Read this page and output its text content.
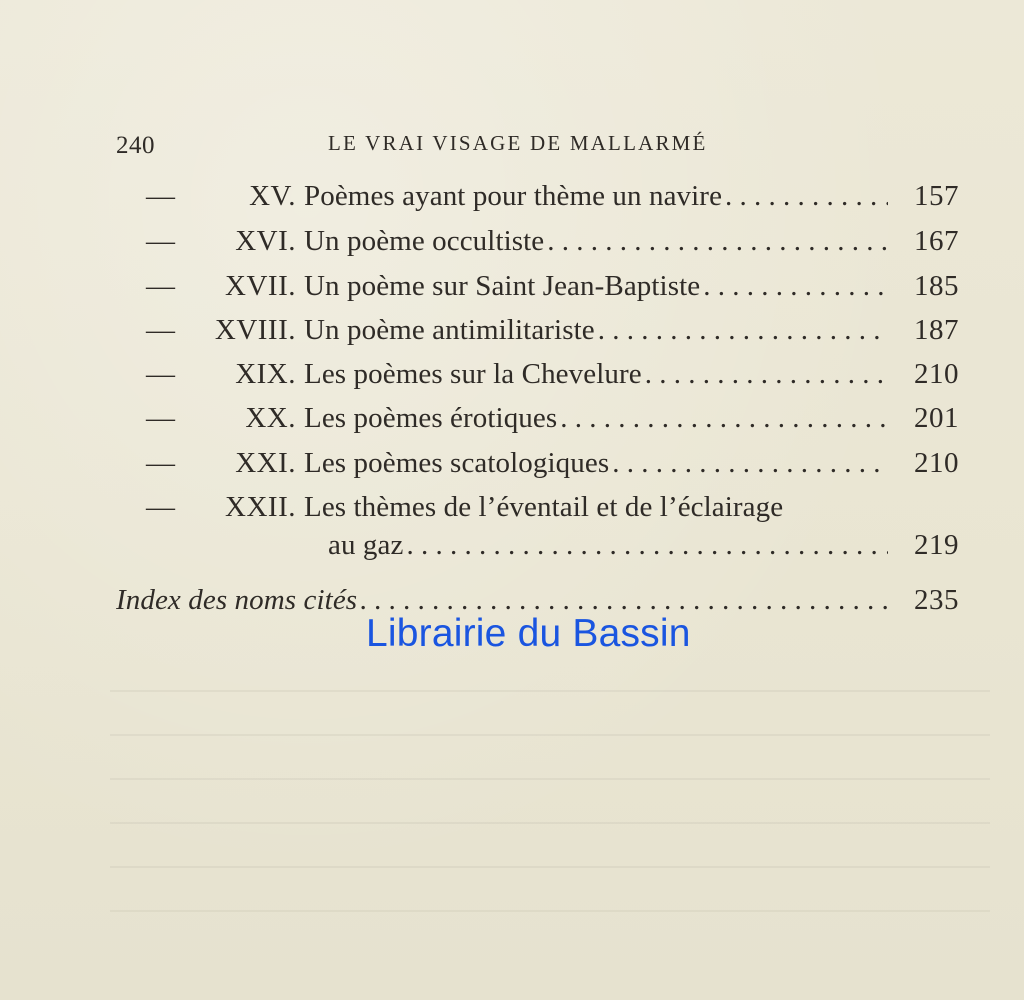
240	LE VRAI VISAGE DE MALLARMÉ
—	XV. Poèmes ayant pour thème un navire . . .	157
—	XVI. Un poème occultiste . . .	167
—	XVII. Un poème sur Saint Jean-Baptiste . . .	185
—	XVIII. Un poème antimilitariste . . .	187
—	XIX. Les poèmes sur la Chevelure . . .	210
—	XX. Les poèmes érotiques . . .	201
—	XXI. Les poèmes scatologiques . . .	210
—	XXII. Les thèmes de l’éventail et de l’éclairage
au gaz . . .	219
Index des noms cités . . .	235
Librairie du Bassin
